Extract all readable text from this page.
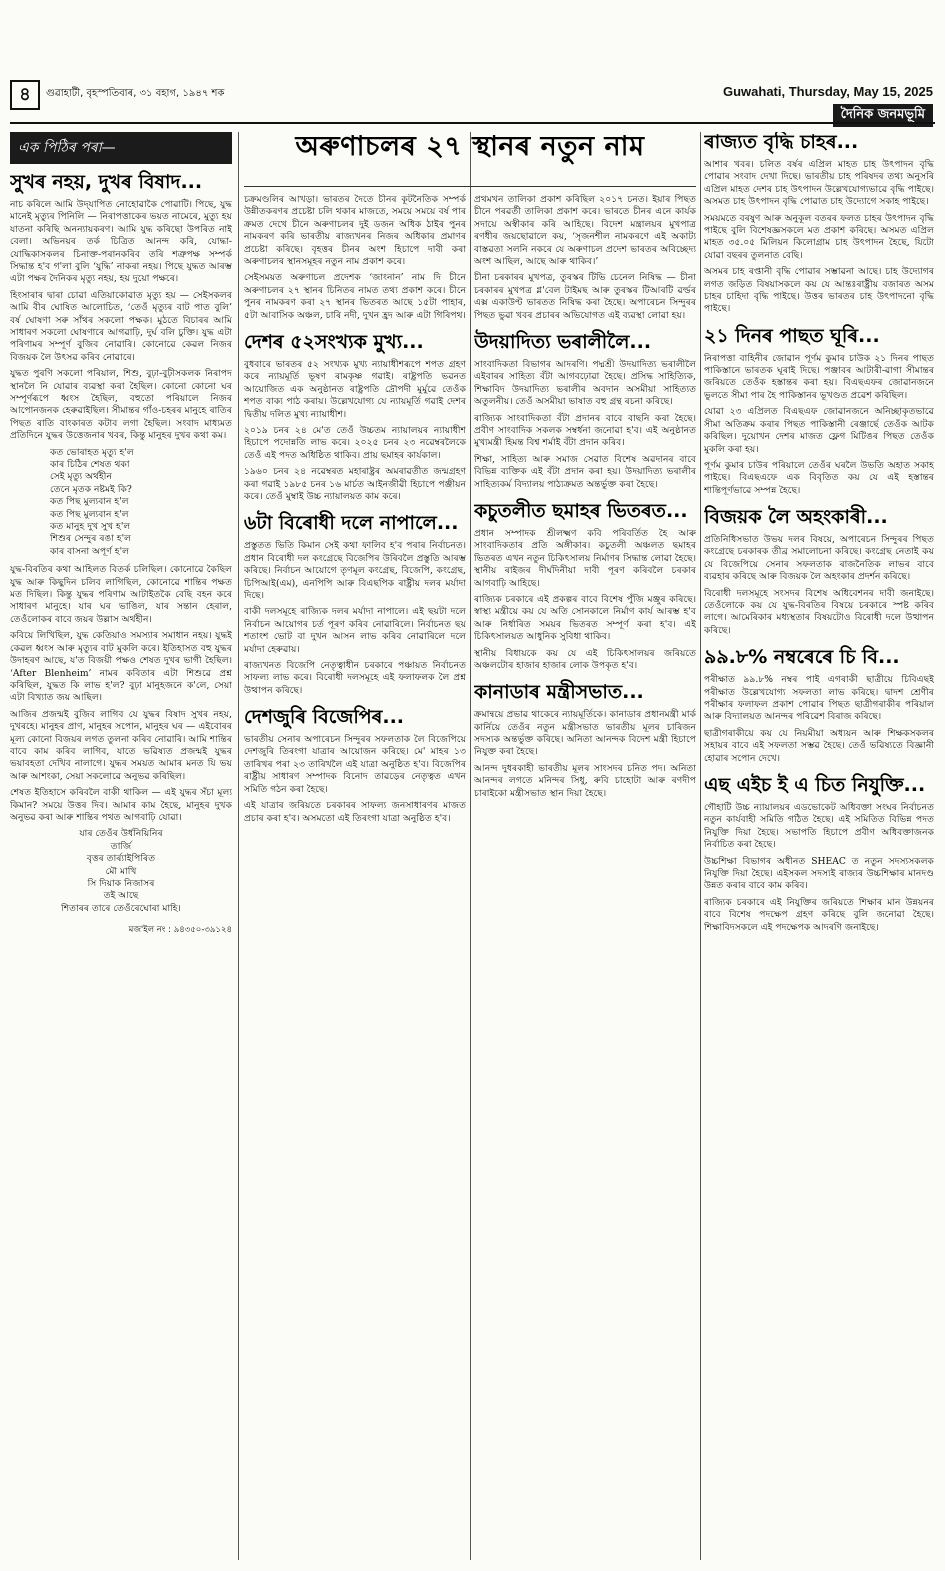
৪	গুৱাহাটী, বৃহস্পতিবাৰ, ৩১ বহাগ, ১৯৪৭ শক	Guwahati, Thursday, May 15, 2025
দৈনিক জনমভূমি
এক পিঠিৰ পৰা—
সুখৰ নহয়, দুখৰ বিষাদ...

নাচ কৰিলে আমি উদ্‌যাপিত নোহোৱাকৈ পোৱাটি। পিছে, যুদ্ধ মানেই মৃত্যুৰ পিনিলি — নিৰাপত্তাকেৰ ভয়ত নামেৰে, মুত্যু হয় যাতনা কৰিছি অনন্যায়কৰণ। আমি যুদ্ধ কৰিছো উপৰিত নাই বেলা। অভিনয়ৰ তৰ্ক চিত্ৰিত আনন্দ কৰি, যোদ্ধা- যোদ্ধিকাসকলৰ চিনাক্ত-পৰানকৰিব তৰি শত্ৰুপক্ষ সম্পৰ্ক সিদ্ধান্ত হ'ব গ'লা বুলি ‘যুদ্ধি’ নাকৰা নহয়। পিছে যুদ্ধত আৰম্ভ এটা পক্ষৰ দৈনিকৰ মৃত্যু নহয়, হয় দুয়ো পক্ষৰে।

হিংসাৰাৰ দ্বাৰা চোৱা এতিয়াকোৱাত মৃত্যু হয় — সেইসকলৰ আমি বীৰ ঘোষিত আলোচিত, ‘তেওঁ মৃত্যুৰ বাট পাত বুলি’ বৰ্ষ ঘোষণা সৰু সাঁথৰ সকলো পক্ষক। মুঠতে বিচাৰৰ আমি সাধাৰণ সকলো ঘোষণাৰে আগৱাঢ়ি, দুৰ্ঘ বলি চুক্তি। যুদ্ধ এটা পৰিণামৰ সম্পূৰ্ণ বুজিব নোৱাৰি। কোনোৱে কেৱল নিজৰ বিজয়ক লৈ উৎসৱ কৰিব নোৱাৰে।

যুদ্ধত পুৰণি সকলো পৰিয়াল, শিশু, বুঢ়া-বুঢ়ীসকলক নিৰাপদ স্থানলৈ নি যোৱাৰ ব্যৱস্থা কৰা হৈছিল। কোনো কোনো ঘৰ সম্পূৰ্ণৰূপে ধ্বংস হৈছিল, বহুতো পৰিয়ালে নিজৰ আপোনজনক হেৰুৱাইছিল। সীমান্তৰ গাঁও-চহৰৰ মানুহে ৰাতিৰ পিছত ৰাতি বাংকাৰত কটাব লগা হৈছিল। সংবাদ মাধ্যমত প্ৰতিদিনে যুদ্ধৰ উত্তেজনাৰ খবৰ, কিন্তু মানুহৰ দুখৰ কথা কম।

কত ভোৰাহত মৃত্যু হ'ল
কাৰ চিঠিৰ শেষত থকা
সেই মৃত্যু অৰ্থহীন
তেনে মৃতক নষ্টমই কি?
কত পিছ মুল্যবান হ'ল
কত পিছ মুল্যবান হ'ল
কত মানুহ দুখ সুখ হ'ল
শিশুৰ সেন্দুৰ ৰঙা হ'ল
কাৰ বাসনা অপূৰ্ণ হ'ল

যুদ্ধ-বিৰতিৰ কথা আহিলত বিতৰ্ক চলিছিল। কোনোৱে কৈছিল যুদ্ধ আৰু কিছুদিন চলিব লাগিছিল, কোনোৱে শান্তিৰ পক্ষত মত দিছিল। কিন্তু যুদ্ধৰ পৰিণাম আটাইতকৈ বেছি বহন কৰে সাধাৰণ মানুহে। যাৰ ঘৰ ভাঙিল, যাৰ সন্তান হেৰাল, তেওঁলোকৰ বাবে জয়ৰ উল্লাস অৰ্থহীন।

কবিয়ে লিখিছিল, যুদ্ধ কেতিয়াও সমস্যাৰ সমাধান নহয়। যুদ্ধই কেৱল ধ্বংস আৰু মৃত্যুৰ বাট মুকলি কৰে। ইতিহাসত বহু যুদ্ধৰ উদাহৰণ আছে, য'ত বিজয়ী পক্ষও শেষত দুখৰ ভাগী হৈছিল। ‘After Blenheim’ নামৰ কবিতাৰ এটা শিশুৱে প্ৰশ্ন কৰিছিল, যুদ্ধত কি লাভ হ'ল? বুঢ়া মানুহজনে ক'লে, সেয়া এটা বিখ্যাত জয় আছিল।

আজিৰ প্ৰজন্মই বুজিব লাগিব যে যুদ্ধৰ বিষাদ সুখৰ নহয়, দুখৰহে। মানুহৰ প্ৰাণ, মানুহৰ সপোন, মানুহৰ ঘৰ — এইবোৰৰ মূল্য কোনো বিজয়ৰ লগত তুলনা কৰিব নোৱাৰি। আমি শান্তিৰ বাবে কাম কৰিব লাগিব, যাতে ভৱিষ্যত প্ৰজন্মই যুদ্ধৰ ভয়াবহতা দেখিব নালাগে। যুদ্ধৰ সময়ত আমাৰ মনত যি ভয় আৰু আশংকা, সেয়া সকলোৱে অনুভৱ কৰিছিল।

শেষত ইতিহাসে কৰিবলৈ বাকী থাকিল — এই যুদ্ধৰ সঁচা মূল্য কিমান? সময়ে উত্তৰ দিব। আমাৰ কাম হৈছে, মানুহৰ দুখক অনুভৱ কৰা আৰু শান্তিৰ পথত আগবাঢ়ি যোৱা।

যাৰ তেওঁৰ উৰ্ধনিয়িনিৰ
তাৰ্জি
বৃত্তৰ তাৰ্ৰ্যাইপিৰিত
মৌ মাখি
সি দিয়াক নিজাসৰ
তই আছে
শিতাৰৰ তাৰে তেওঁৰেঘোৰা মাহি।
মজ'ইল নং : ৯৪৩৫০-৩৯১২৪
অৰুণাচলৰ ২৭ স্থানৰ নতুন নাম

চক্ৰমণ্ডলিৰ আখড়া। ভাৰতৰ দৈতে চীনৰ কূটনৈতিক সম্পৰ্ক উন্নীতকৰণৰ প্ৰচেষ্টা চলি থকাৰ মাজতে, সময়ে সময়ে বৰ্ষ পাৰ ক্ৰমত দেখে চীনে অৰুণাচলৰ দুই ডজন অধিক ঠাইৰ পুনৰ নামকৰণ কৰি ভাৰতীয় ৰাজ্যখনৰ নিজৰ অধিকাৰ প্ৰমাণৰ প্ৰচেষ্টা কৰিছে। বৃহত্তৰ চীনৰ অংশ হিচাপে দাবী কৰা অৰুণাচলৰ স্থানসমূহৰ নতুন নাম প্ৰকাশ কৰে।

সেইসময়ত অৰুণাচল প্ৰদেশক ‘জাংনান’ নাম দি চীনে অৰুণাচলৰ ২৭ স্থানৰ চিনিতৰ নামত তথ্য প্ৰকাশ কৰে। চীনে পুনৰ নামকৰণ কৰা ২৭ স্থানৰ ভিতৰত আছে ১৫টা পাহাৰ, ৫টা আবাসিক অঞ্চল, চাৰি নদী, দুখন হ্ৰদ আৰু এটা গিৰিপথ।

দেশৰ ৫২সংখ্যক মুখ্য...

বুধবাৰে ভাৰতৰ ৫২ সংখ্যক মুখ্য ন্যায়াধীশৰূপে শপত গ্ৰহণ কৰে ন্যায়মূৰ্তি ভূষণ ৰামকৃষ্ণ গৱাই। ৰাষ্ট্ৰপতি ভৱনত আয়োজিত এক অনুষ্ঠানত ৰাষ্ট্ৰপতি দ্ৰৌপদী মুৰ্মুৱে তেওঁক শপত বাক্য পাঠ কৰায়। উল্লেখযোগ্য যে ন্যায়মূৰ্তি গৱাই দেশৰ দ্বিতীয় দলিত মুখ্য ন্যায়াধীশ।

২০১৯ চনৰ ২৪ মে'ত তেওঁ উচ্চতম ন্যায়ালয়ৰ ন্যায়াধীশ হিচাপে পদোন্নতি লাভ কৰে। ২০২৫ চনৰ ২৩ নৱেম্বৰলৈকে তেওঁ এই পদত অধিষ্ঠিত থাকিব। প্ৰায় ছমাহৰ কাৰ্যকাল।

১৯৬০ চনৰ ২৪ নৱেম্বৰত মহাৰাষ্ট্ৰৰ অমৰাৱতীত জন্মগ্ৰহণ কৰা গৱাই ১৯৮৫ চনৰ ১৬ মাৰ্চত আইনজীৱী হিচাপে পঞ্জীয়ন কৰে। তেওঁ মুম্বাই উচ্চ ন্যায়ালয়ত কাম কৰে।

৬টা বিৰোধী দলে নাপালে...

প্ৰস্তুতত ভিতি কিমান সেই কথা ফালিব হ'ব পৰাৰ নিৰ্বাচনত। প্ৰধান বিৰোধী দল কংগ্ৰেছে বিজেপিৰ উৰিবলৈ প্ৰস্তুতি আৰম্ভ কৰিছে। নিৰ্বাচন আয়োগে তৃণমূল কংগ্ৰেছ, বিজেপি, কংগ্ৰেছ, চিপিআই(এম), এনপিপি আৰু বিএছপিক ৰাষ্ট্ৰীয় দলৰ মৰ্যাদা দিছে।

বাকী দলসমূহে ৰাজ্যিক দলৰ মৰ্যাদা নাপালে। এই ছয়টা দলে নিৰ্বাচন আয়োগৰ চৰ্ত পূৰণ কৰিব নোৱাৰিলে। নিৰ্বাচনত ছয় শতাংশ ভোট বা দুখন আসন লাভ কৰিব নোৱাৰিলে দলে মৰ্যাদা হেৰুৱায়।

ৰাজ্যখনত বিজেপি নেতৃত্বাধীন চৰকাৰে পঞ্চায়ত নিৰ্বাচনত সাফল্য লাভ কৰে। বিৰোধী দলসমূহে এই ফলাফলক লৈ প্ৰশ্ন উত্থাপন কৰিছে।

দেশজুৰি বিজেপিৰ...

ভাৰতীয় সেনাৰ অপাৰেচন সিন্দুৰৰ সফলতাক লৈ বিজেপিয়ে দেশজুৰি তিৰংগা যাত্ৰাৰ আয়োজন কৰিছে। মে' মাহৰ ১৩ তাৰিখৰ পৰা ২৩ তাৰিখলৈ এই যাত্ৰা অনুষ্ঠিত হ'ব। বিজেপিৰ ৰাষ্ট্ৰীয় সাধাৰণ সম্পাদক বিনোদ তাৱড়েৰ নেতৃত্বত এখন সমিতি গঠন কৰা হৈছে।

এই যাত্ৰাৰ জৰিয়তে চৰকাৰৰ সাফল্য জনসাধাৰণৰ মাজত প্ৰচাৰ কৰা হ'ব। অসমতো এই তিৰংগা যাত্ৰা অনুষ্ঠিত হ'ব।

প্ৰথমখন তালিকা প্ৰকাশ কৰিছিল ২০১৭ চনত। ইয়াৰ পিছত চীনে পৰৱৰ্তী তালিকা প্ৰকাশ কৰে। ভাৰতে চীনৰ এনে কাৰ্যক সদায়ে অস্বীকাৰ কৰি আহিছে। বিদেশ মন্ত্ৰালয়ৰ মুখপাত্ৰ ৰণধীৰ জয়ছোৱালে কয়, ‘সৃজনশীল নামকৰণে এই অকাট্য বাস্তৱতা সলনি নকৰে যে অৰুণাচল প্ৰদেশ ভাৰতৰ অবিচ্ছেদ্য অংশ আছিল, আছে আৰু থাকিব।’

চীনা চৰকাৰৰ মুখপত্ৰ, তুৰস্কৰ টিভি চেনেল নিষিদ্ধ — চীনা চৰকাৰৰ মুখপত্ৰ গ্ল'বেল টাইমছ আৰু তুৰস্কৰ টিআৰটি ৱৰ্ল্ডৰ এক্স একাউণ্ট ভাৰতত নিষিদ্ধ কৰা হৈছে। অপাৰেচন সিন্দুৰৰ পিছত ভুৱা খবৰ প্ৰচাৰৰ অভিযোগত এই ব্যৱস্থা লোৱা হয়।

উদয়াদিত্য ভৰালীলৈ...

সাংবাদিকতা বিভাগৰ আদৰণি। পদ্মশ্ৰী উদয়াদিত্য ভৰালীলৈ এইবাৰৰ সাহিত্য বঁটা আগবঢ়োৱা হৈছে। প্ৰসিদ্ধ সাহিত্যিক, শিক্ষাবিদ উদয়াদিত্য ভৰালীৰ অবদান অসমীয়া সাহিত্যত অতুলনীয়। তেওঁ অসমীয়া ভাষাত বহু গ্ৰন্থ ৰচনা কৰিছে।

ৰাজ্যিক সাংবাদিকতা বঁটা প্ৰদানৰ বাবে বাছনি কৰা হৈছে। প্ৰবীণ সাংবাদিক সকলক সম্বৰ্ধনা জনোৱা হ'ব। এই অনুষ্ঠানত মুখ্যমন্ত্ৰী হিমন্ত বিশ্ব শৰ্মাই বঁটা প্ৰদান কৰিব।

শিক্ষা, সাহিত্য আৰু সমাজ সেৱাত বিশেষ অৱদানৰ বাবে বিভিন্ন ব্যক্তিক এই বঁটা প্ৰদান কৰা হয়। উদয়াদিত্য ভৰালীৰ সাহিত্যকৰ্ম বিদ্যালয় পাঠ্যক্ৰমত অন্তৰ্ভুক্ত কৰা হৈছে।

কচুতলীত ছমাহৰ ভিতৰত...

প্ৰধান সম্পাদক শ্ৰীলক্ষ্মণ কবি পৰিবৰ্তিত হৈ আৰু সাংবাদিকতাৰ প্ৰতি অঙ্গীকাৰ। কচুতলী অঞ্চলত ছমাহৰ ভিতৰত এখন নতুন চিকিৎসালয় নিৰ্মাণৰ সিদ্ধান্ত লোৱা হৈছে। স্থানীয় ৰাইজৰ দীৰ্ঘদিনীয়া দাবী পূৰণ কৰিবলৈ চৰকাৰ আগবাঢ়ি আহিছে।

ৰাজ্যিক চৰকাৰে এই প্ৰকল্পৰ বাবে বিশেষ পুঁজি মঞ্জুৰ কৰিছে। স্বাস্থ্য মন্ত্ৰীয়ে কয় যে অতি সোনকালে নিৰ্মাণ কাৰ্য আৰম্ভ হ'ব আৰু নিৰ্ধাৰিত সময়ৰ ভিতৰত সম্পূৰ্ণ কৰা হ'ব। এই চিকিৎসালয়ত আধুনিক সুবিধা থাকিব।

স্থানীয় বিধায়কে কয় যে এই চিকিৎসালয়ৰ জৰিয়তে অঞ্চলটোৰ হাজাৰ হাজাৰ লোক উপকৃত হ'ব।

কানাডাৰ মন্ত্ৰীসভাত...

ক্ৰমান্বয়ে প্ৰভাৱ থাকেৰে ন্যায়মূৰ্তিকে। কানাডাৰ প্ৰধানমন্ত্ৰী মাৰ্ক কাৰ্নিয়ে তেওঁৰ নতুন মন্ত্ৰীসভাত ভাৰতীয় মূলৰ চাৰিজন সদস্যক অন্তৰ্ভুক্ত কৰিছে। অনিতা আনন্দক বিদেশ মন্ত্ৰী হিচাপে নিযুক্ত কৰা হৈছে।

আনন্দ দুধৰকাহী ভাৰতীয় মূলৰ সাংসদৰ চনিত পদ। অনিতা আনন্দৰ লগতে মনিন্দৰ সিধু, ৰুবি চাহোটা আৰু ৰণদীপ চাৰাইকো মন্ত্ৰীসভাত স্থান দিয়া হৈছে।

ৰাজ্যত বৃদ্ধি চাহৰ...

আশাৰ খবৰ। চলিত বৰ্ষৰ এপ্ৰিল মাহত চাহ উৎপাদন বৃদ্ধি পোৱাৰ সংবাদ দেখা দিছে। ভাৰতীয় চাহ পৰিষদৰ তথ্য অনুসৰি এপ্ৰিল মাহত দেশৰ চাহ উৎপাদন উল্লেখযোগ্যভাৱে বৃদ্ধি পাইছে। অসমত চাহ উৎপাদন বৃদ্ধি পোৱাত চাহ উদ্যোগে সকাহ পাইছে।

সময়মতে বৰষুণ আৰু অনুকূল বতৰৰ ফলত চাহৰ উৎপাদন বৃদ্ধি পাইছে বুলি বিশেষজ্ঞসকলে মত প্ৰকাশ কৰিছে। অসমত এপ্ৰিল মাহত ৩৫.০৫ মিলিয়ন কিলোগ্ৰাম চাহ উৎপাদন হৈছে, যিটো যোৱা বছৰৰ তুলনাত বেছি।

অসমৰ চাহ ৰপ্তানী বৃদ্ধি পোৱাৰ সম্ভাৱনা আছে। চাহ উদ্যোগৰ লগত জড়িত বিষয়াসকলে কয় যে আন্তঃৰাষ্ট্ৰীয় বজাৰত অসম চাহৰ চাহিদা বৃদ্ধি পাইছে। উত্তৰ ভাৰতৰ চাহ উৎপাদনো বৃদ্ধি পাইছে।

২১ দিনৰ পাছত ঘূৰি...

নিৰাপত্তা বাহিনীৰ জোৱান পূৰ্ণম কুমাৰ চাউক ২১ দিনৰ পাছত পাকিস্তানে ভাৰতক ঘূৰাই দিছে। পঞ্জাবৰ আটাৰী-ৱাগা সীমান্তৰ জৰিয়তে তেওঁক হস্তান্তৰ কৰা হয়। বিএছএফৰ জোৱানজনে ভুলতে সীমা পাৰ হৈ পাকিস্তানৰ ভূখণ্ডত প্ৰৱেশ কৰিছিল।

যোৱা ২৩ এপ্ৰিলত বিএছএফ জোৱানজনে অনিচ্ছাকৃতভাৱে সীমা অতিক্ৰম কৰাৰ পিছত পাকিস্তানী ৰেঞ্জাৰ্ছে তেওঁক আটক কৰিছিল। দুয়োখন দেশৰ মাজত ফ্লেগ মিটিঙৰ পিছত তেওঁক মুকলি কৰা হয়।

পূৰ্ণম কুমাৰ চাউৰ পৰিয়ালে তেওঁৰ ঘৰলৈ উভতি অহাত সকাহ পাইছে। বিএছএফে এক বিবৃতিত কয় যে এই হস্তান্তৰ শান্তিপূৰ্ণভাৱে সম্পন্ন হৈছে।

বিজয়ক লৈ অহংকাৰী...

প্ৰতিনিধিসভাত উভয় দলৰ বিষয়ে, অপাৰেচন সিন্দুৰৰ পিছত কংগ্ৰেছে চৰকাৰক তীব্ৰ সমালোচনা কৰিছে। কংগ্ৰেছ নেতাই কয় যে বিজেপিয়ে সেনাৰ সফলতাক ৰাজনৈতিক লাভৰ বাবে ব্যৱহাৰ কৰিছে আৰু বিজয়ক লৈ অহংকাৰ প্ৰদৰ্শন কৰিছে।

বিৰোধী দলসমূহে সংসদৰ বিশেষ অধিবেশনৰ দাবী জনাইছে। তেওঁলোকে কয় যে যুদ্ধ-বিৰতিৰ বিষয়ে চৰকাৰে স্পষ্ট কৰিব লাগে। আমেৰিকাৰ মধ্যস্থতাৰ বিষয়টোও বিৰোধী দলে উত্থাপন কৰিছে।

৯৯.৮% নম্বৰেৰে চি বি...

পৰীক্ষাত ৯৯.৮% নম্বৰ পাই এগৰাকী ছাত্ৰীয়ে চিবিএছই পৰীক্ষাত উল্লেখযোগ্য সফলতা লাভ কৰিছে। দ্বাদশ শ্ৰেণীৰ পৰীক্ষাৰ ফলাফল প্ৰকাশ পোৱাৰ পিছত ছাত্ৰীগৰাকীৰ পৰিয়াল আৰু বিদ্যালয়ত আনন্দৰ পৰিৱেশ বিৰাজ কৰিছে।

ছাত্ৰীগৰাকীয়ে কয় যে নিয়মীয়া অধ্যয়ন আৰু শিক্ষকসকলৰ সহায়ৰ বাবে এই সফলতা সম্ভৱ হৈছে। তেওঁ ভৱিষ্যতে বিজ্ঞানী হোৱাৰ সপোন দেখে।

এছ এইচ ই এ চিত নিযুক্তি...

গৌহাটি উচ্চ ন্যায়ালয়ৰ এডভোকেট অধিবক্তা সংঘৰ নিৰ্বাচনত নতুন কাৰ্যবাহী সমিতি গঠিত হৈছে। এই সমিতিত বিভিন্ন পদত নিযুক্তি দিয়া হৈছে। সভাপতি হিচাপে প্ৰবীণ অধিবক্তাজনক নিৰ্বাচিত কৰা হৈছে।

উচ্চশিক্ষা বিভাগৰ অধীনত SHEAC ত নতুন সদস্যসকলক নিযুক্তি দিয়া হৈছে। এইসকল সদস্যই ৰাজ্যৰ উচ্চশিক্ষাৰ মানদণ্ড উন্নত কৰাৰ বাবে কাম কৰিব।

ৰাজ্যিক চৰকাৰে এই নিযুক্তিৰ জৰিয়তে শিক্ষাৰ মান উন্নয়নৰ বাবে বিশেষ পদক্ষেপ গ্ৰহণ কৰিছে বুলি জনোৱা হৈছে। শিক্ষাবিদসকলে এই পদক্ষেপক আদৰণি জনাইছে।
